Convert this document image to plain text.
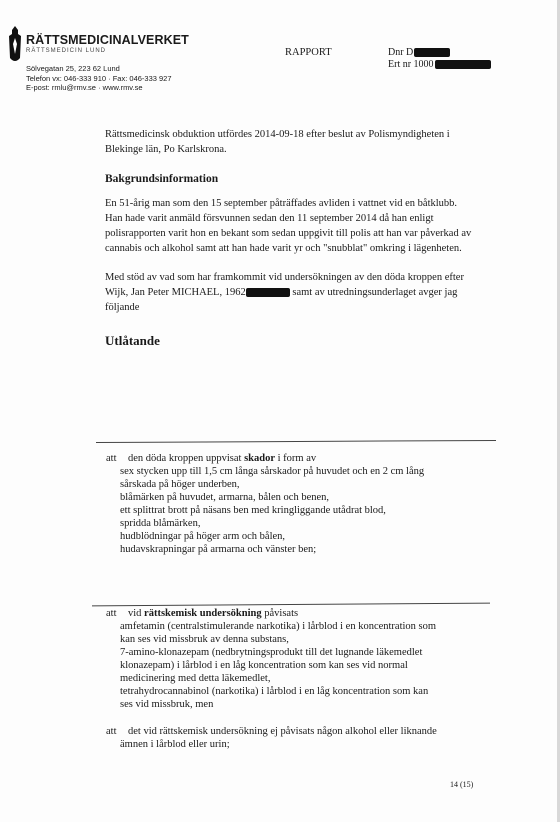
RÄTTSMEDICINALVERKET
RÄTTSMEDICIN LUND
Sölvegatan 25, 223 62 Lund
Telefon vx: 046-333 910 · Fax: 046-333 927
E-post: rmlu@rmv.se · www.rmv.se
RAPPORT	Dnr D
Ert nr 1000

Rättsmedicinsk obduktion utfördes 2014-09-18 efter beslut av Polismyndigheten i Blekinge län, Po Karlskrona.

Bakgrundsinformation

En 51-årig man som den 15 september påträffades avliden i vattnet vid en båtklubb. Han hade varit anmäld försvunnen sedan den 11 september 2014 då han enligt polisrapporten varit hon en bekant som sedan uppgivit till polis att han var påverkad av cannabis och alkohol samt att han hade varit yr och "snubblat" omkring i lägenheten.

Med stöd av vad som har framkommit vid undersökningen av den döda kroppen efter Wijk, Jan Peter MICHAEL, 1962	samt av utredningsunderlaget avger jag följande

Utlåtande

att den döda kroppen uppvisat skador i form av
sex stycken upp till 1,5 cm långa sårskador på huvudet och en 2 cm lång
sårskada på höger underben,
blåmärken på huvudet, armarna, bålen och benen,
ett splittrat brott på näsans ben med kringliggande utådrat blod,
spridda blåmärken,
hudblödningar på höger arm och bålen,
hudavskrapningar på armarna och vänster ben;
att vid rättskemisk undersökning påvisats
amfetamin (centralstimulerande narkotika) i lårblod i en koncentration som
kan ses vid missbruk av denna substans,
7-amino-klonazepam (nedbrytningsprodukt till det lugnande läkemedlet
klonazepam) i lårblod i en låg koncentration som kan ses vid normal
medicinering med detta läkemedlet,
tetrahydrocannabinol (narkotika) i lårblod i en låg koncentration som kan
ses vid missbruk, men
att det vid rättskemisk undersökning ej påvisats någon alkohol eller liknande
ämnen i lårblod eller urin;
14 (15)
